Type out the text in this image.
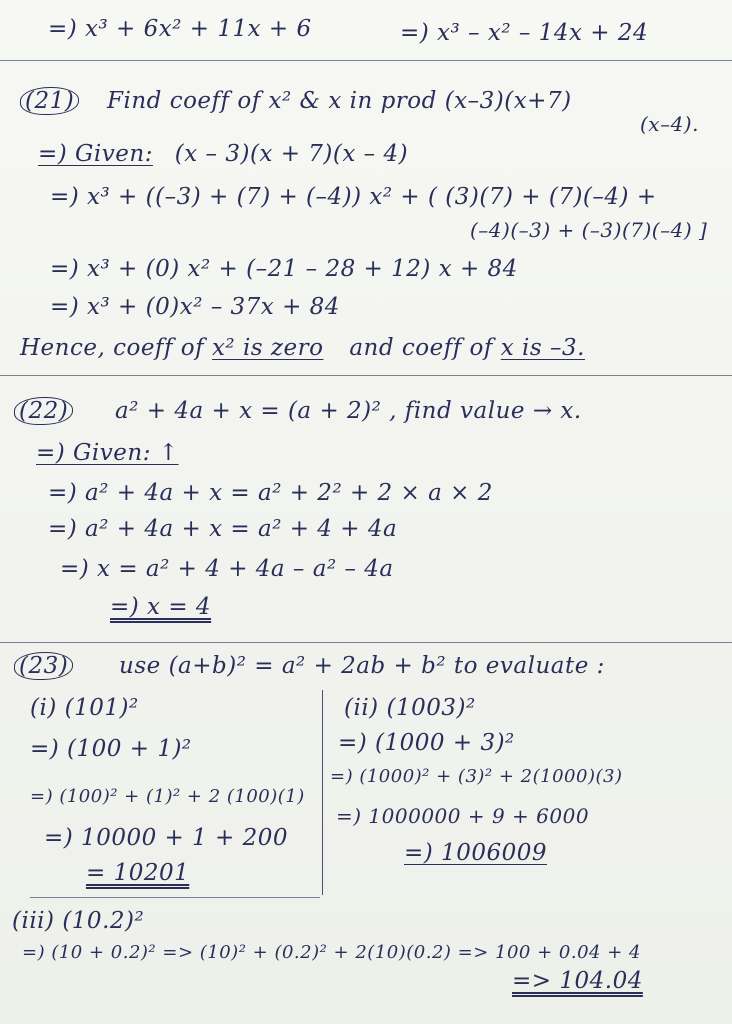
=) x³ + 6x² + 11x + 6	=) x³ – x² – 14x + 24
(21) Find coeff of x² & x in prod (x–3)(x+7)
(x–4).
=) Given: (x – 3)(x + 7)(x – 4)
=) x³ + ((–3) + (7) + (–4)) x² + ( (3)(7) + (7)(–4) +
(–4)(–3) + (–3)(7)(–4) ]
=) x³ + (0) x² + (–21 – 28 + 12) x + 84
=) x³ + (0)x² – 37x + 84
Hence, coeff of x² is zero and coeff of x is –3.
(22) a² + 4a + x = (a + 2)² , find value → x.
=) Given: ↑
=) a² + 4a + x = a² + 2² + 2 × a × 2
=) a² + 4a + x = a² + 4 + 4a
=) x = a² + 4 + 4a – a² – 4a
=) x = 4
(23) use (a+b)² = a² + 2ab + b² to evaluate :
(i) (101)²
=) (100 + 1)²
=) (100)² + (1)² + 2 (100)(1)
=) 10000 + 1 + 200
= 10201
(ii) (1003)²
=) (1000 + 3)²
=) (1000)² + (3)² + 2(1000)(3)
=) 1000000 + 9 + 6000
=) 1006009
(iii) (10.2)²
=) (10 + 0.2)² => (10)² + (0.2)² + 2(10)(0.2) => 100 + 0.04 + 4
=> 104.04
